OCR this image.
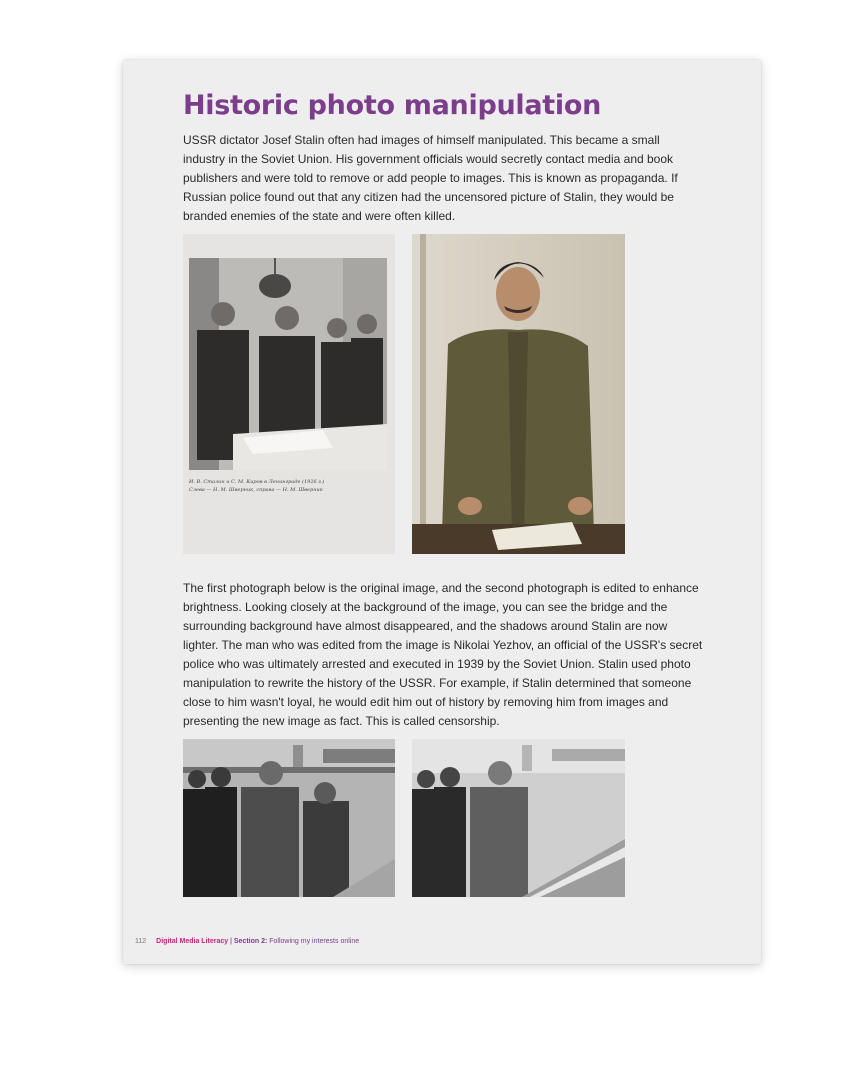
Historic photo manipulation

USSR dictator Josef Stalin often had images of himself manipulated. This became a small industry in the Soviet Union. His government officials would secretly contact media and book publishers and were told to remove or add people to images. This is known as propaganda. If Russian police found out that any citizen had the uncensored picture of Stalin, they would be branded enemies of the state and were often killed.

И. В. Сталин и С. М. Киров в Ленинграде (1926 г.)
Слева — Н. М. Шверник, справа — Н. М. Шверник

The first photograph below is the original image, and the second photograph is edited to enhance brightness. Looking closely at the background of the image, you can see the bridge and the surrounding background have almost disappeared, and the shadows around Stalin are now lighter. The man who was edited from the image is Nikolai Yezhov, an official of the USSR's secret police who was ultimately arrested and executed in 1939 by the Soviet Union. Stalin used photo manipulation to rewrite the history of the USSR. For example, if Stalin determined that someone close to him wasn't loyal, he would edit him out of history by removing him from images and presenting the new image as fact. This is called censorship.

112 Digital Media Literacy | Section 2: Following my interests online
